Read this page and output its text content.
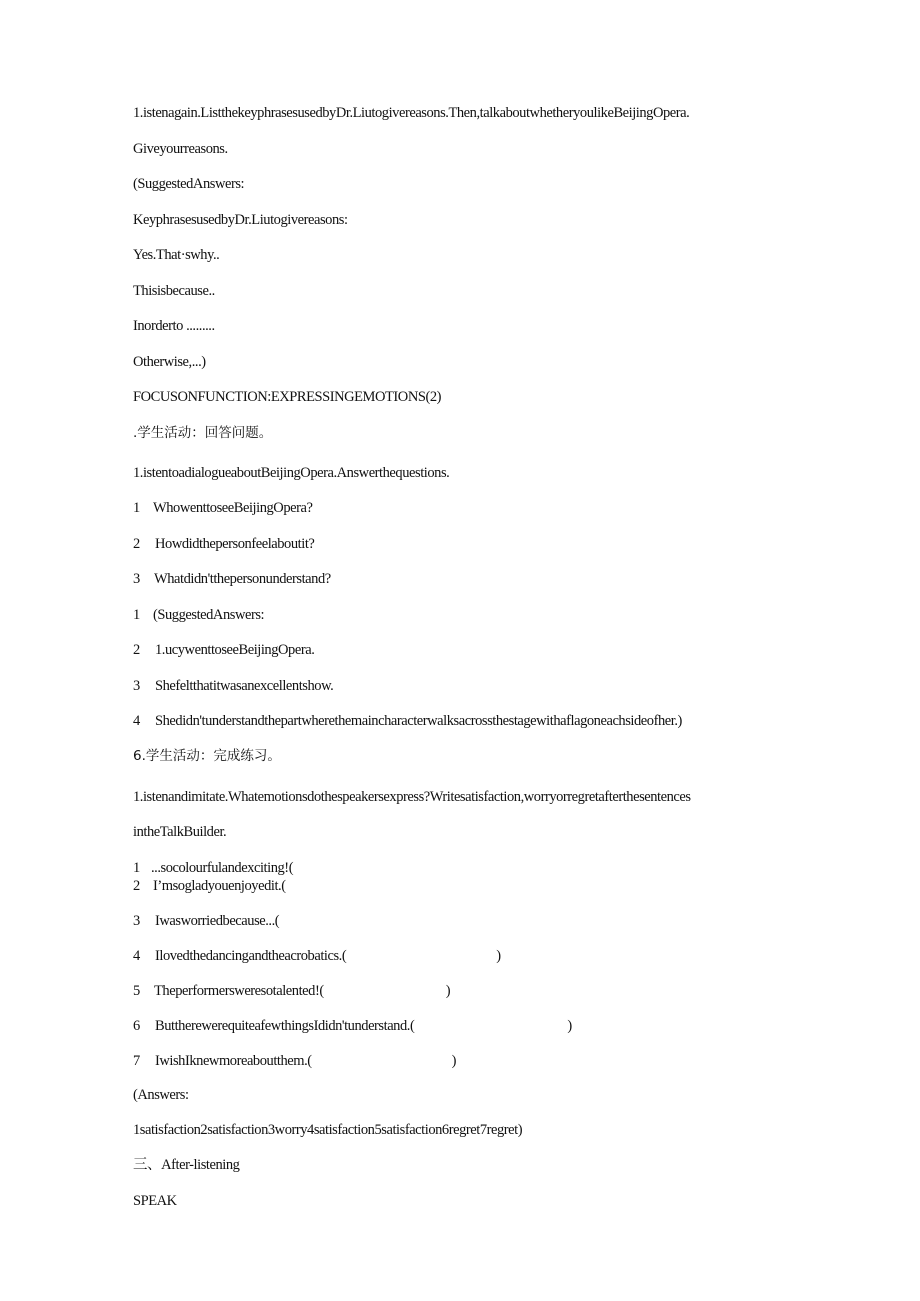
1.istenagain.ListthekeyphrasesusedbyDr.Liutogivereasons.Then,talkaboutwhetheryoulikeBeijingOpera.
Giveyourreasons.
(SuggestedAnswers:
KeyphrasesusedbyDr.Liutogivereasons:
Yes.That·swhy..
Thisisbecause..
Inorderto .........
Otherwise,...)
FOCUSONFUNCTION:EXPRESSINGEMOTIONS(2)
.学生活动：回答问题。
1.istentoadialogueaboutBeijingOpera.Answerthequestions.
1 WhowenttoseeBeijingOpera?
2 Howdidthepersonfeelaboutit?
3 Whatdidn'tthepersonunderstand?
1 (SuggestedAnswers:
2 1.ucywenttoseeBeijingOpera.
3 Shefeltthatitwasanexcellentshow.
4 Shedidn'tunderstandthepartwherethemaincharacterwalksacrossthestagewithaflagoneachsideofher.)
6.学生活动：完成练习。
1.istenandimitate.Whatemotionsdothespeakersexpress?Writesatisfaction,worryorregretafterthesentences
intheTalkBuilder.
1 ...socolourfulandexciting!(
2 I’msogladyouenjoyedit.(
3 Iwasworriedbecause...(
4 Ilovedthedancingandtheacrobatics.(	)
5 Theperformersweresotalented!(	)
6 ButtherewerequiteafewthingsIdidn'tunderstand.(	)
7 IwishIknewmoreaboutthem.(	)
(Answers:
1satisfaction2satisfaction3worry4satisfaction5satisfaction6regret7regret)
三、After-listening
SPEAK
